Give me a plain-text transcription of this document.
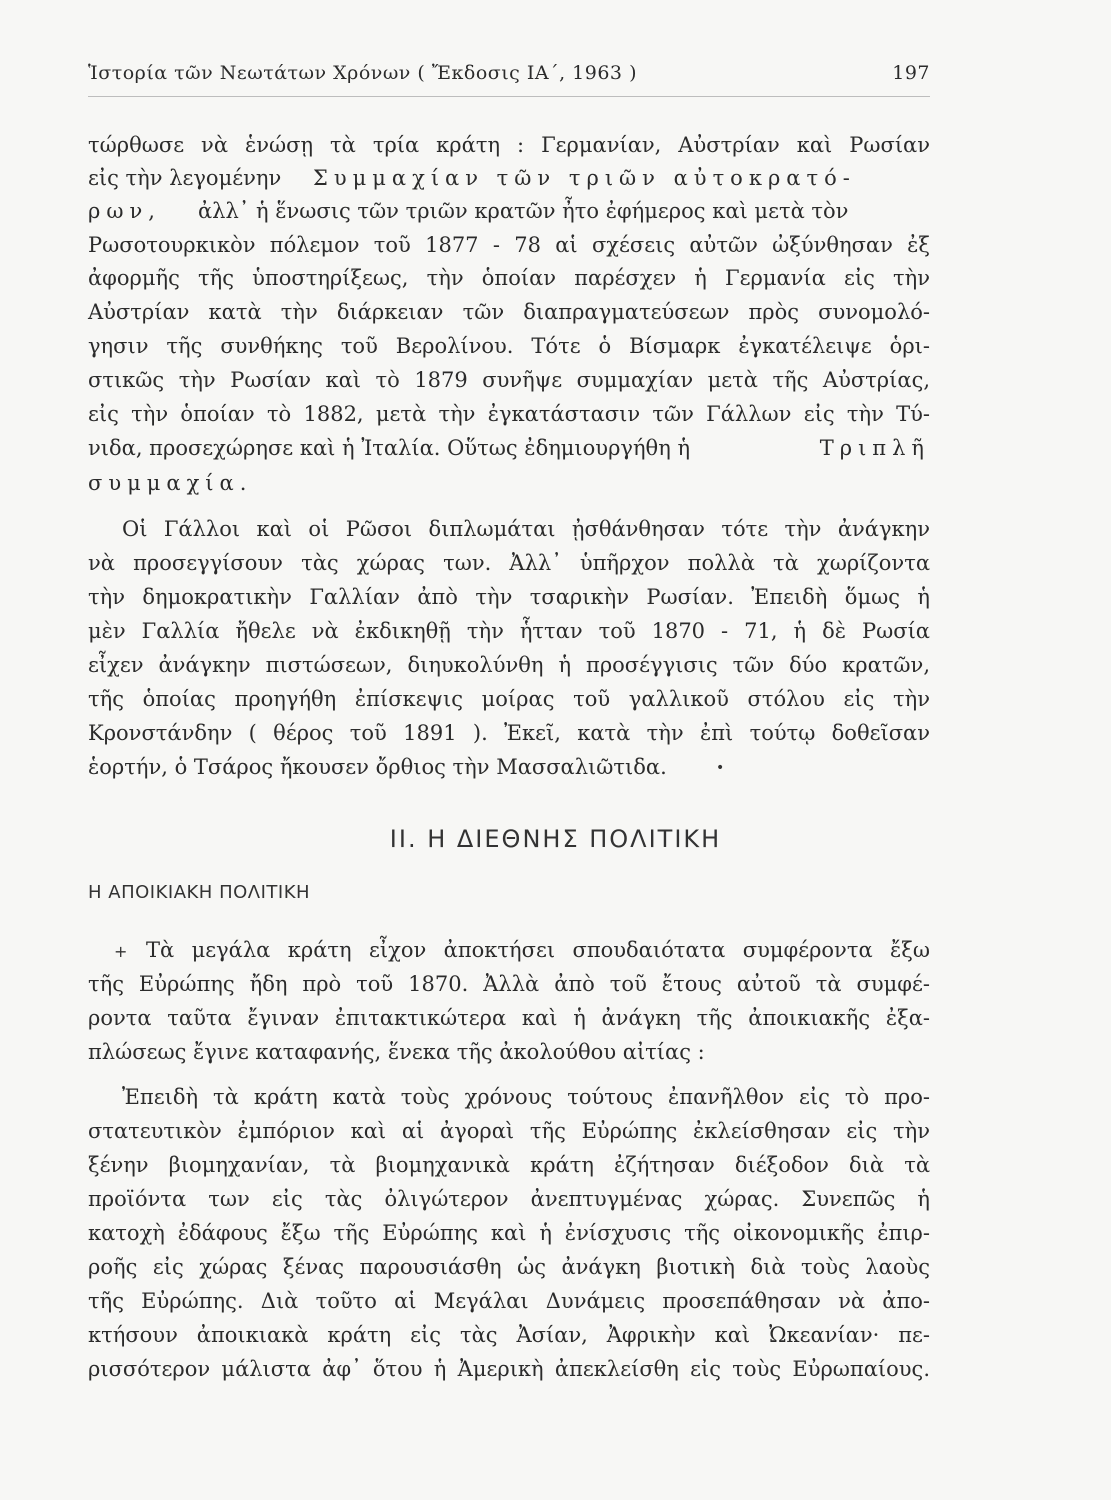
Ἱστορία τῶν Νεωτάτων Χρόνων ( Ἔκδοσις ΙΑ΄, 1963 )	197
τώρθωσε νὰ ἑνώσῃ τὰ τρία κράτη : Γερμανίαν, Αὐστρίαν καὶ Ρωσίαν
εἰς τὴν λεγομένην Συμμαχίαν τῶν τριῶν αὐτοκρατό-
ρων, ἀλλ᾽ ἡ ἕνωσις τῶν τριῶν κρατῶν ἦτο ἐφήμερος καὶ μετὰ τὸν
Ρωσοτουρκικὸν πόλεμον τοῦ 1877 - 78 αἱ σχέσεις αὐτῶν ὠξύνθησαν ἐξ
ἀφορμῆς τῆς ὑποστηρίξεως, τὴν ὁποίαν παρέσχεν ἡ Γερμανία εἰς τὴν
Αὐστρίαν κατὰ τὴν διάρκειαν τῶν διαπραγματεύσεων πρὸς συνομολό-
γησιν τῆς συνθήκης τοῦ Βερολίνου. Τότε ὁ Βίσμαρκ ἐγκατέλειψε ὁρι-
στικῶς τὴν Ρωσίαν καὶ τὸ 1879 συνῆψε συμμαχίαν μετὰ τῆς Αὐστρίας,
εἰς τὴν ὁποίαν τὸ 1882, μετὰ τὴν ἐγκατάστασιν τῶν Γάλλων εἰς τὴν Τύ-
νιδα, προσεχώρησε καὶ ἡ Ἰταλία. Οὕτως ἐδημιουργήθη ἡ	Τριπλῆ
συμμαχία.
Οἱ Γάλλοι καὶ οἱ Ρῶσοι διπλωμάται ᾐσθάνθησαν τότε τὴν ἀνάγκην
νὰ προσεγγίσουν τὰς χώρας των. Ἀλλ᾽ ὑπῆρχον πολλὰ τὰ χωρίζοντα
τὴν δημοκρατικὴν Γαλλίαν ἀπὸ τὴν τσαρικὴν Ρωσίαν. Ἐπειδὴ ὅμως ἡ
μὲν Γαλλία ἤθελε νὰ ἐκδικηθῇ τὴν ἧτταν τοῦ 1870 - 71, ἡ δὲ Ρωσία
εἶχεν ἀνάγκην πιστώσεων, διηυκολύνθη ἡ προσέγγισις τῶν δύο κρατῶν,
τῆς ὁποίας προηγήθη ἐπίσκεψις μοίρας τοῦ γαλλικοῦ στόλου εἰς τὴν
Κρονστάνδην ( θέρος τοῦ 1891 ). Ἐκεῖ, κατὰ τὴν ἐπὶ τούτῳ δοθεῖσαν
ἑορτήν, ὁ Τσάρος ἤκουσεν ὄρθιος τὴν Μασσαλιῶτιδα.	•
ΙΙ. Η ΔΙΕΘΝΗΣ ΠΟΛΙΤΙΚΗ
Η ΑΠΟΙΚΙΑΚΗ ΠΟΛΙΤΙΚΗ
+ Τὰ μεγάλα κράτη εἶχον ἀποκτήσει σπουδαιότατα συμφέροντα ἔξω
τῆς Εὐρώπης ἤδη πρὸ τοῦ 1870. Ἀλλὰ ἀπὸ τοῦ ἔτους αὐτοῦ τὰ συμφέ-
ροντα ταῦτα ἔγιναν ἐπιτακτικώτερα καὶ ἡ ἀνάγκη τῆς ἀποικιακῆς ἐξα-
πλώσεως ἔγινε καταφανής, ἕνεκα τῆς ἀκολούθου αἰτίας :
Ἐπειδὴ τὰ κράτη κατὰ τοὺς χρόνους τούτους ἐπανῆλθον εἰς τὸ προ-
στατευτικὸν ἐμπόριον καὶ αἱ ἀγοραὶ τῆς Εὐρώπης ἐκλείσθησαν εἰς τὴν
ξένην βιομηχανίαν, τὰ βιομηχανικὰ κράτη ἐζήτησαν διέξοδον διὰ τὰ
προϊόντα των εἰς τὰς ὀλιγώτερον ἀνεπτυγμένας χώρας. Συνεπῶς ἡ
κατοχὴ ἐδάφους ἔξω τῆς Εὐρώπης καὶ ἡ ἐνίσχυσις τῆς οἰκονομικῆς ἐπιρ-
ροῆς εἰς χώρας ξένας παρουσιάσθη ὡς ἀνάγκη βιοτικὴ διὰ τοὺς λαοὺς
τῆς Εὐρώπης. Διὰ τοῦτο αἱ Μεγάλαι Δυνάμεις προσεπάθησαν νὰ ἀπο-
κτήσουν ἀποικιακὰ κράτη εἰς τὰς Ἀσίαν, Ἀφρικὴν καὶ Ὠκεανίαν· πε-
ρισσότερον μάλιστα ἀφ᾽ ὅτου ἡ Ἀμερικὴ ἀπεκλείσθη εἰς τοὺς Εὐρωπαίους.
